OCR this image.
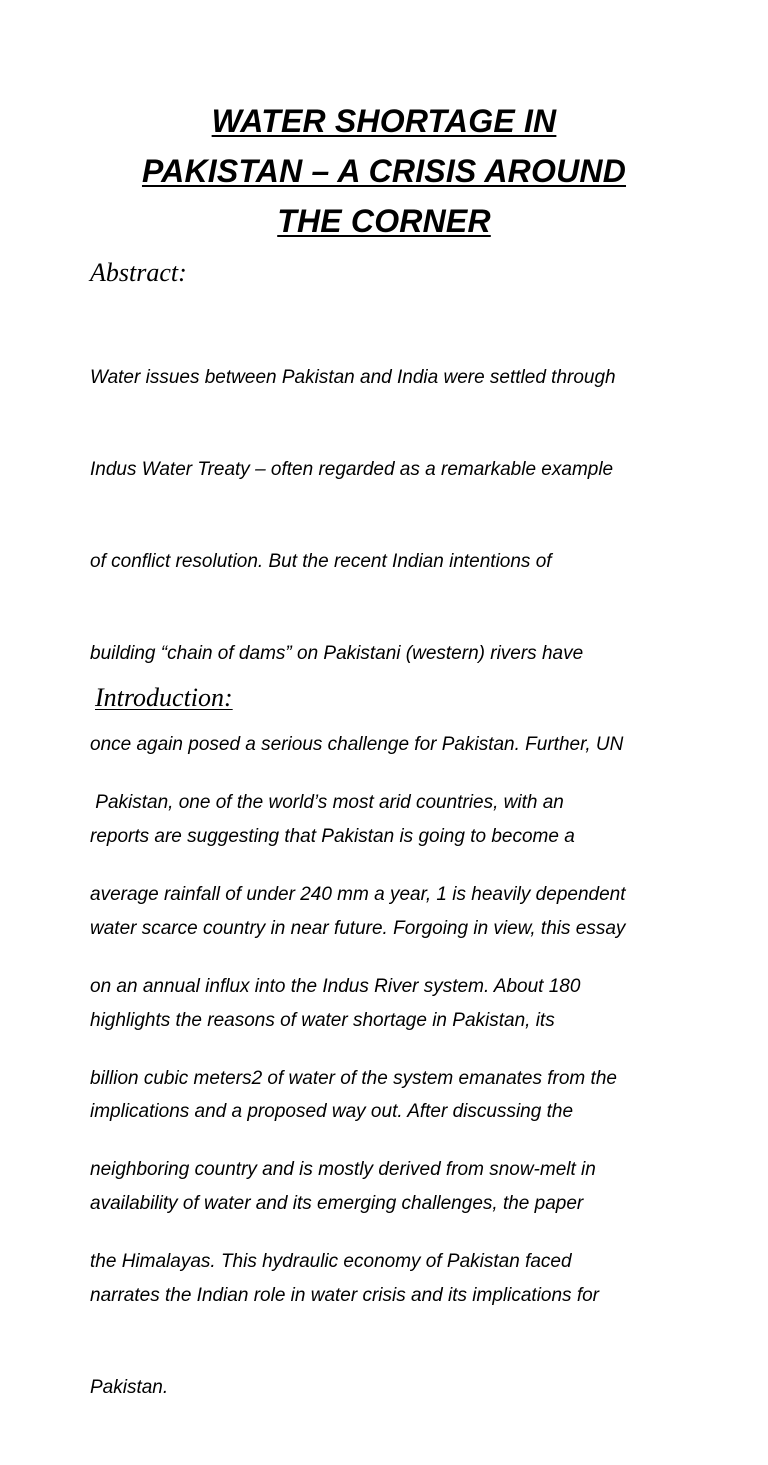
WATER SHORTAGE IN
PAKISTAN – A CRISIS AROUND
THE CORNER
Abstract:

Water issues between Pakistan and India were settled through

Indus Water Treaty – often regarded as a remarkable example

of conflict resolution. But the recent Indian intentions of

building “chain of dams” on Pakistani (western) rivers have

once again posed a serious challenge for Pakistan. Further, UN

reports are suggesting that Pakistan is going to become a

water scarce country in near future. Forgoing in view, this essay

highlights the reasons of water shortage in Pakistan, its

implications and a proposed way out. After discussing the

availability of water and its emerging challenges, the paper

narrates the Indian role in water crisis and its implications for

Pakistan.

Introduction:

Pakistan, one of the world’s most arid countries, with an

average rainfall of under 240 mm a year, 1 is heavily dependent

on an annual influx into the Indus River system. About 180

billion cubic meters2 of water of the system emanates from the

neighboring country and is mostly derived from snow-melt in

the Himalayas. This hydraulic economy of Pakistan faced
